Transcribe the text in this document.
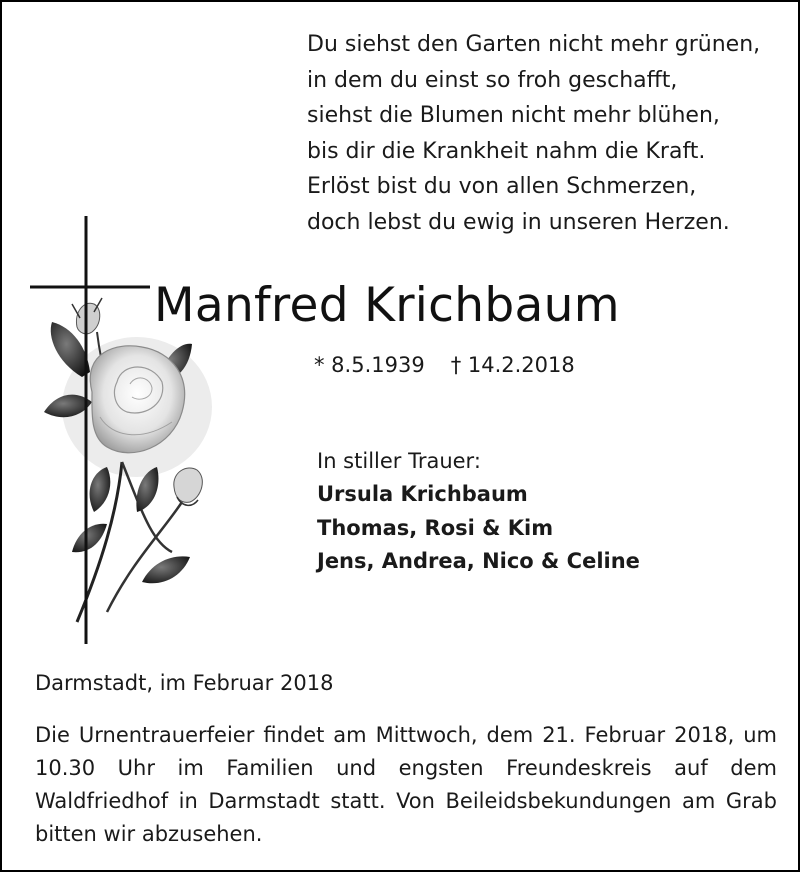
Du siehst den Garten nicht mehr grünen,
in dem du einst so froh geschafft,
siehst die Blumen nicht mehr blühen,
bis dir die Krankheit nahm die Kraft.
Erlöst bist du von allen Schmerzen,
doch lebst du ewig in unseren Herzen.
Manfred Krichbaum
* 8.5.1939 † 14.2.2018
In stiller Trauer:
Ursula Krichbaum
Thomas, Rosi & Kim
Jens, Andrea, Nico & Celine
Darmstadt, im Februar 2018
Die Urnentrauerfeier findet am Mittwoch, dem 21. Februar 2018, um 10.30 Uhr im Familien und engsten Freundeskreis auf dem Waldfriedhof in Darmstadt statt. Von Beileidsbekundungen am Grab bitten wir abzusehen.
